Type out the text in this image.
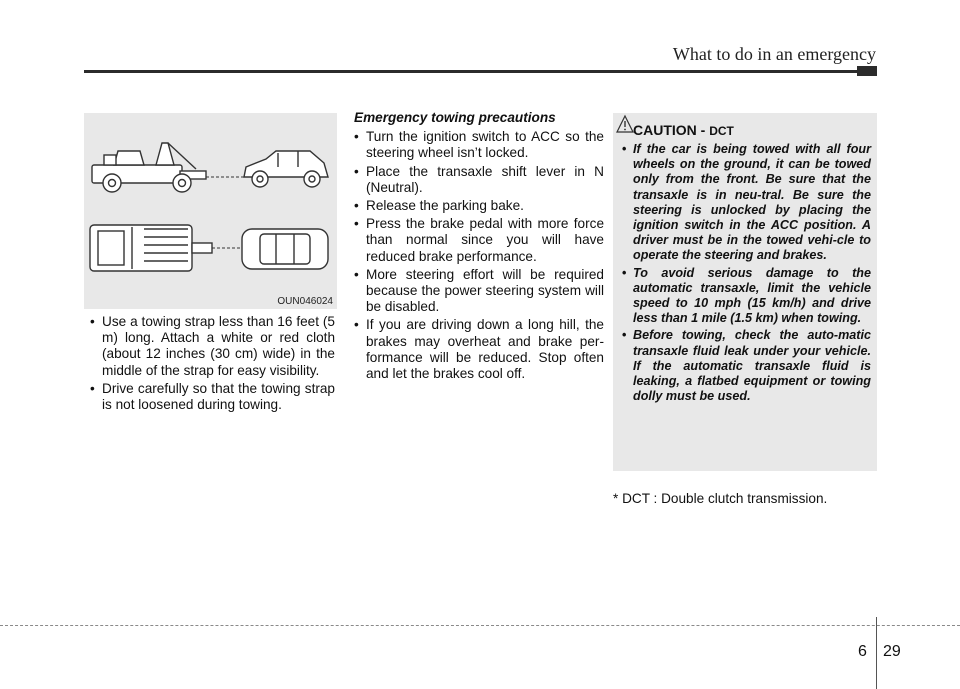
What to do in an emergency
OUN046024
• Use a towing strap less than 16 feet (5 m) long. Attach a white or red cloth (about 12 inches (30 cm) wide) in the middle of the strap for easy visibility.
• Drive carefully so that the towing strap is not loosened during towing.
Emergency towing precautions
• Turn the ignition switch to ACC so the steering wheel isn’t locked.
• Place the transaxle shift lever in N (Neutral).
• Release the parking bake.
• Press the brake pedal with more force than normal since you will have reduced brake performance.
• More steering effort will be required because the power steering system will be disabled.
• If you are driving down a long hill, the brakes may overheat and brake per-formance will be reduced. Stop often and let the brakes cool off.
CAUTION - DCT
• If the car is being towed with all four wheels on the ground, it can be towed only from the front. Be sure that the transaxle is in neu-tral. Be sure the steering is unlocked by placing the ignition switch in the ACC position. A driver must be in the towed vehi-cle to operate the steering and brakes.
• To avoid serious damage to the automatic transaxle, limit the vehicle speed to 10 mph (15 km/h) and drive less than 1 mile (1.5 km) when towing.
• Before towing, check the auto-matic transaxle fluid leak under your vehicle. If the automatic transaxle fluid is leaking, a flatbed equipment or towing dolly must be used.
* DCT : Double clutch transmission.
6 29
